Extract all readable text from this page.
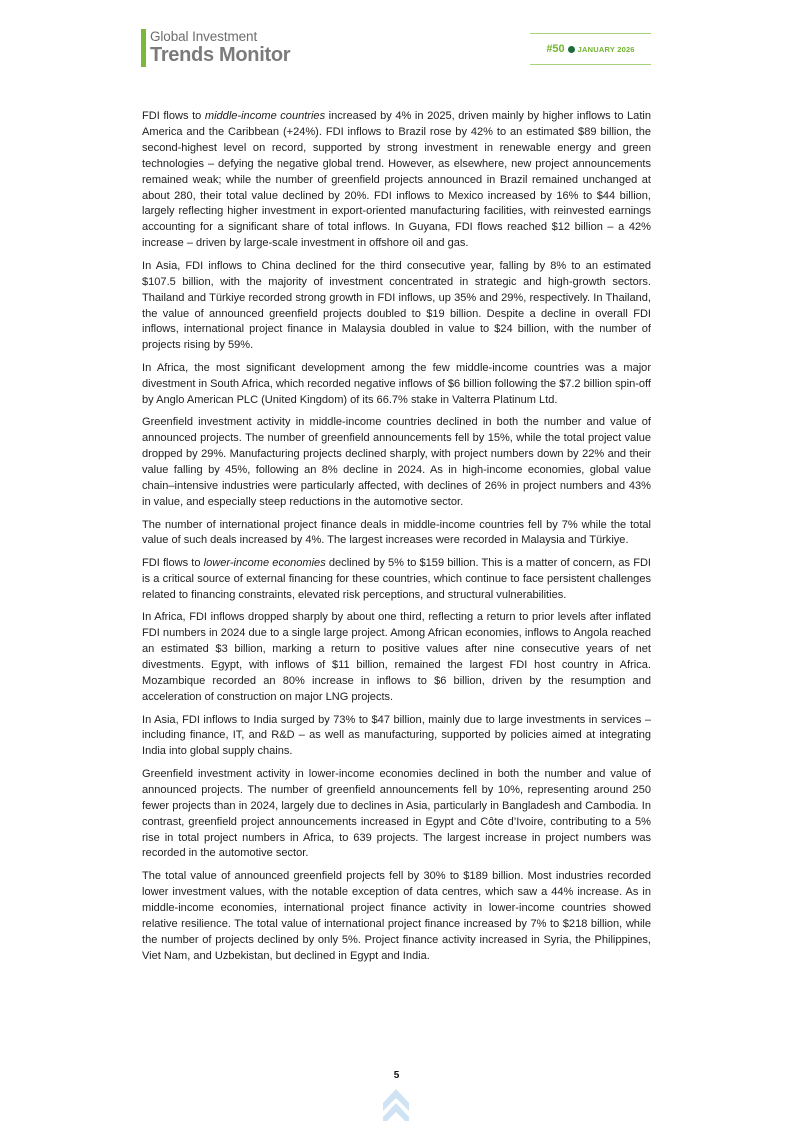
Global Investment
Trends Monitor	#50 JANUARY 2026

FDI flows to middle-income countries increased by 4% in 2025, driven mainly by higher inflows to Latin America and the Caribbean (+24%). FDI inflows to Brazil rose by 42% to an estimated $89 billion, the second-highest level on record, supported by strong investment in renewable energy and green technologies – defying the negative global trend. However, as elsewhere, new project announcements remained weak; while the number of greenfield projects announced in Brazil remained unchanged at about 280, their total value declined by 20%. FDI inflows to Mexico increased by 16% to $44 billion, largely reflecting higher investment in export-oriented manufacturing facilities, with reinvested earnings accounting for a significant share of total inflows. In Guyana, FDI flows reached $12 billion – a 42% increase – driven by large-scale investment in offshore oil and gas.

In Asia, FDI inflows to China declined for the third consecutive year, falling by 8% to an estimated $107.5 billion, with the majority of investment concentrated in strategic and high-growth sectors. Thailand and Türkiye recorded strong growth in FDI inflows, up 35% and 29%, respectively. In Thailand, the value of announced greenfield projects doubled to $19 billion. Despite a decline in overall FDI inflows, international project finance in Malaysia doubled in value to $24 billion, with the number of projects rising by 59%.

In Africa, the most significant development among the few middle-income countries was a major divestment in South Africa, which recorded negative inflows of $6 billion following the $7.2 billion spin-off by Anglo American PLC (United Kingdom) of its 66.7% stake in Valterra Platinum Ltd.

Greenfield investment activity in middle-income countries declined in both the number and value of announced projects. The number of greenfield announcements fell by 15%, while the total project value dropped by 29%. Manufacturing projects declined sharply, with project numbers down by 22% and their value falling by 45%, following an 8% decline in 2024. As in high-income economies, global value chain–intensive industries were particularly affected, with declines of 26% in project numbers and 43% in value, and especially steep reductions in the automotive sector.

The number of international project finance deals in middle-income countries fell by 7% while the total value of such deals increased by 4%. The largest increases were recorded in Malaysia and Türkiye.

FDI flows to lower-income economies declined by 5% to $159 billion. This is a matter of concern, as FDI is a critical source of external financing for these countries, which continue to face persistent challenges related to financing constraints, elevated risk perceptions, and structural vulnerabilities.

In Africa, FDI inflows dropped sharply by about one third, reflecting a return to prior levels after inflated FDI numbers in 2024 due to a single large project. Among African economies, inflows to Angola reached an estimated $3 billion, marking a return to positive values after nine consecutive years of net divestments. Egypt, with inflows of $11 billion, remained the largest FDI host country in Africa. Mozambique recorded an 80% increase in inflows to $6 billion, driven by the resumption and acceleration of construction on major LNG projects.

In Asia, FDI inflows to India surged by 73% to $47 billion, mainly due to large investments in services – including finance, IT, and R&D – as well as manufacturing, supported by policies aimed at integrating India into global supply chains.

Greenfield investment activity in lower-income economies declined in both the number and value of announced projects. The number of greenfield announcements fell by 10%, representing around 250 fewer projects than in 2024, largely due to declines in Asia, particularly in Bangladesh and Cambodia. In contrast, greenfield project announcements increased in Egypt and Côte d’Ivoire, contributing to a 5% rise in total project numbers in Africa, to 639 projects. The largest increase in project numbers was recorded in the automotive sector.

The total value of announced greenfield projects fell by 30% to $189 billion. Most industries recorded lower investment values, with the notable exception of data centres, which saw a 44% increase. As in middle-income economies, international project finance activity in lower-income countries showed relative resilience. The total value of international project finance increased by 7% to $218 billion, while the number of projects declined by only 5%. Project finance activity increased in Syria, the Philippines, Viet Nam, and Uzbekistan, but declined in Egypt and India.

5
